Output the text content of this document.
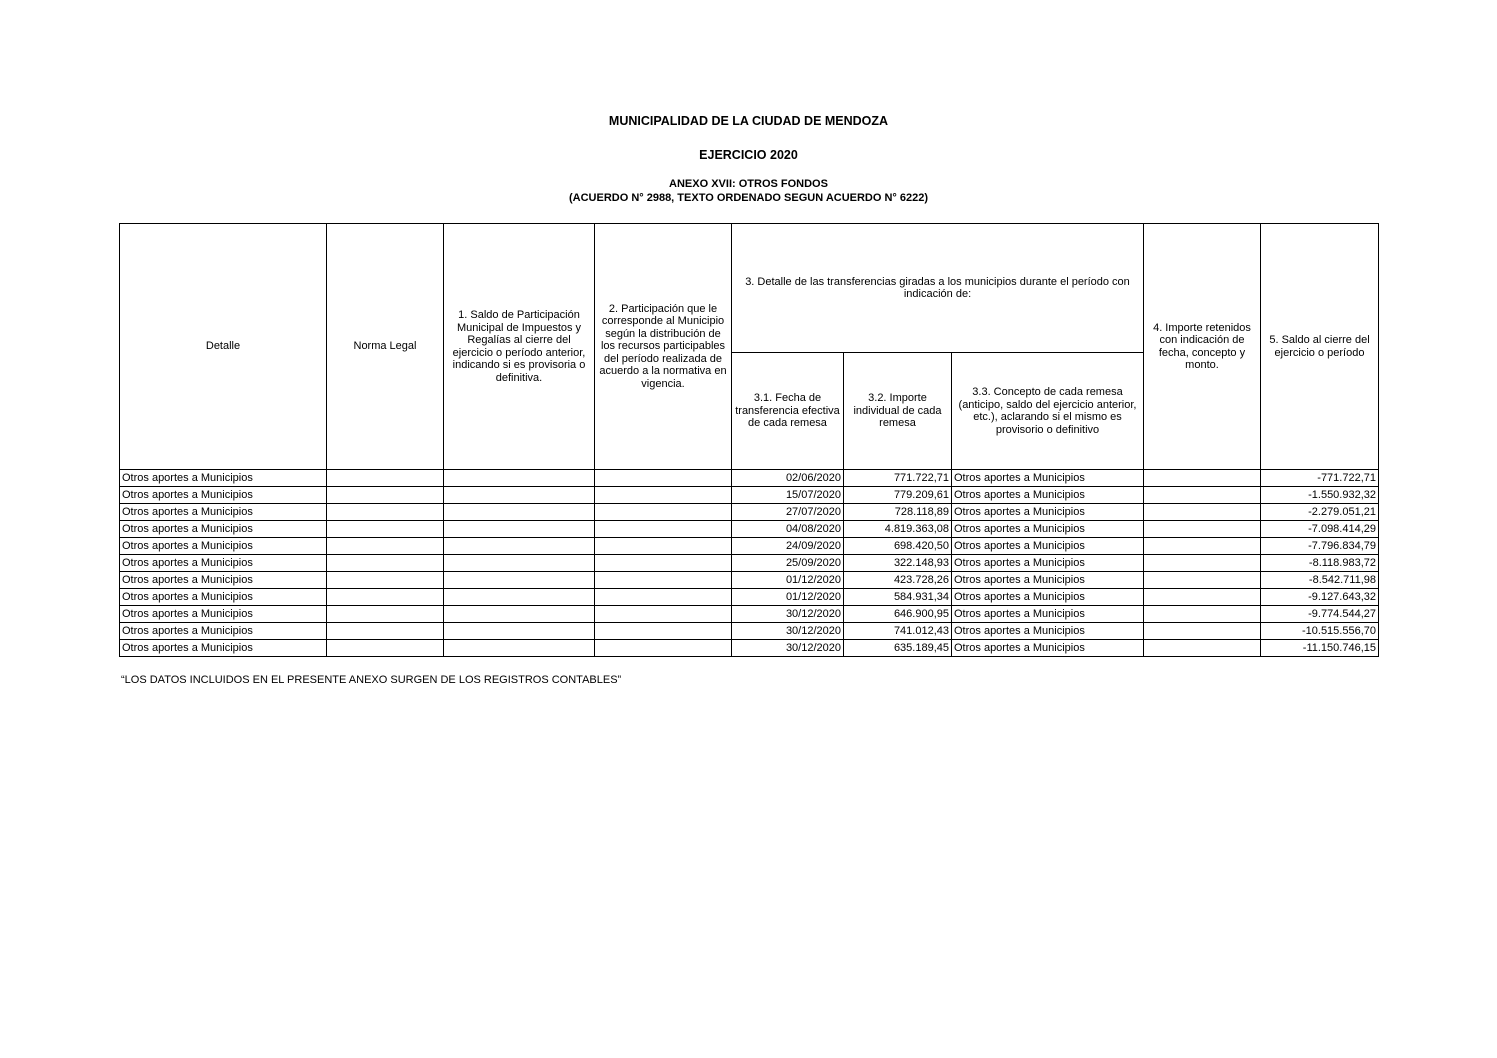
MUNICIPALIDAD DE LA CIUDAD DE MENDOZA
EJERCICIO 2020
ANEXO XVII: OTROS FONDOS
(ACUERDO N° 2988, TEXTO ORDENADO SEGUN ACUERDO N° 6222)
Detalle	Norma Legal	1. Saldo de Participación Municipal de Impuestos y Regalías al cierre del ejercicio o período anterior, indicando si es provisoria o definitiva.	2. Participación que le corresponde al Municipio según la distribución de los recursos participables del período realizada de acuerdo a la normativa en vigencia.	3. Detalle de las transferencias giradas a los municipios durante el período con indicación de:			4. Importe retenidos con indicación de fecha, concepto y monto.	5. Saldo al cierre del ejercicio o período
				3.1. Fecha de transferencia efectiva de cada remesa	3.2. Importe individual de cada remesa	3.3. Concepto de cada remesa (anticipo, saldo del ejercicio anterior, etc.), aclarando si el mismo es provisorio o definitivo		
Otros aportes a Municipios				02/06/2020	771.722,71	Otros aportes a Municipios		-771.722,71
Otros aportes a Municipios				15/07/2020	779.209,61	Otros aportes a Municipios		-1.550.932,32
Otros aportes a Municipios				27/07/2020	728.118,89	Otros aportes a Municipios		-2.279.051,21
Otros aportes a Municipios				04/08/2020	4.819.363,08	Otros aportes a Municipios		-7.098.414,29
Otros aportes a Municipios				24/09/2020	698.420,50	Otros aportes a Municipios		-7.796.834,79
Otros aportes a Municipios				25/09/2020	322.148,93	Otros aportes a Municipios		-8.118.983,72
Otros aportes a Municipios				01/12/2020	423.728,26	Otros aportes a Municipios		-8.542.711,98
Otros aportes a Municipios				01/12/2020	584.931,34	Otros aportes a Municipios		-9.127.643,32
Otros aportes a Municipios				30/12/2020	646.900,95	Otros aportes a Municipios		-9.774.544,27
Otros aportes a Municipios				30/12/2020	741.012,43	Otros aportes a Municipios		-10.515.556,70
Otros aportes a Municipios				30/12/2020	635.189,45	Otros aportes a Municipios		-11.150.746,15
“LOS DATOS INCLUIDOS EN EL PRESENTE ANEXO SURGEN DE LOS REGISTROS CONTABLES”
